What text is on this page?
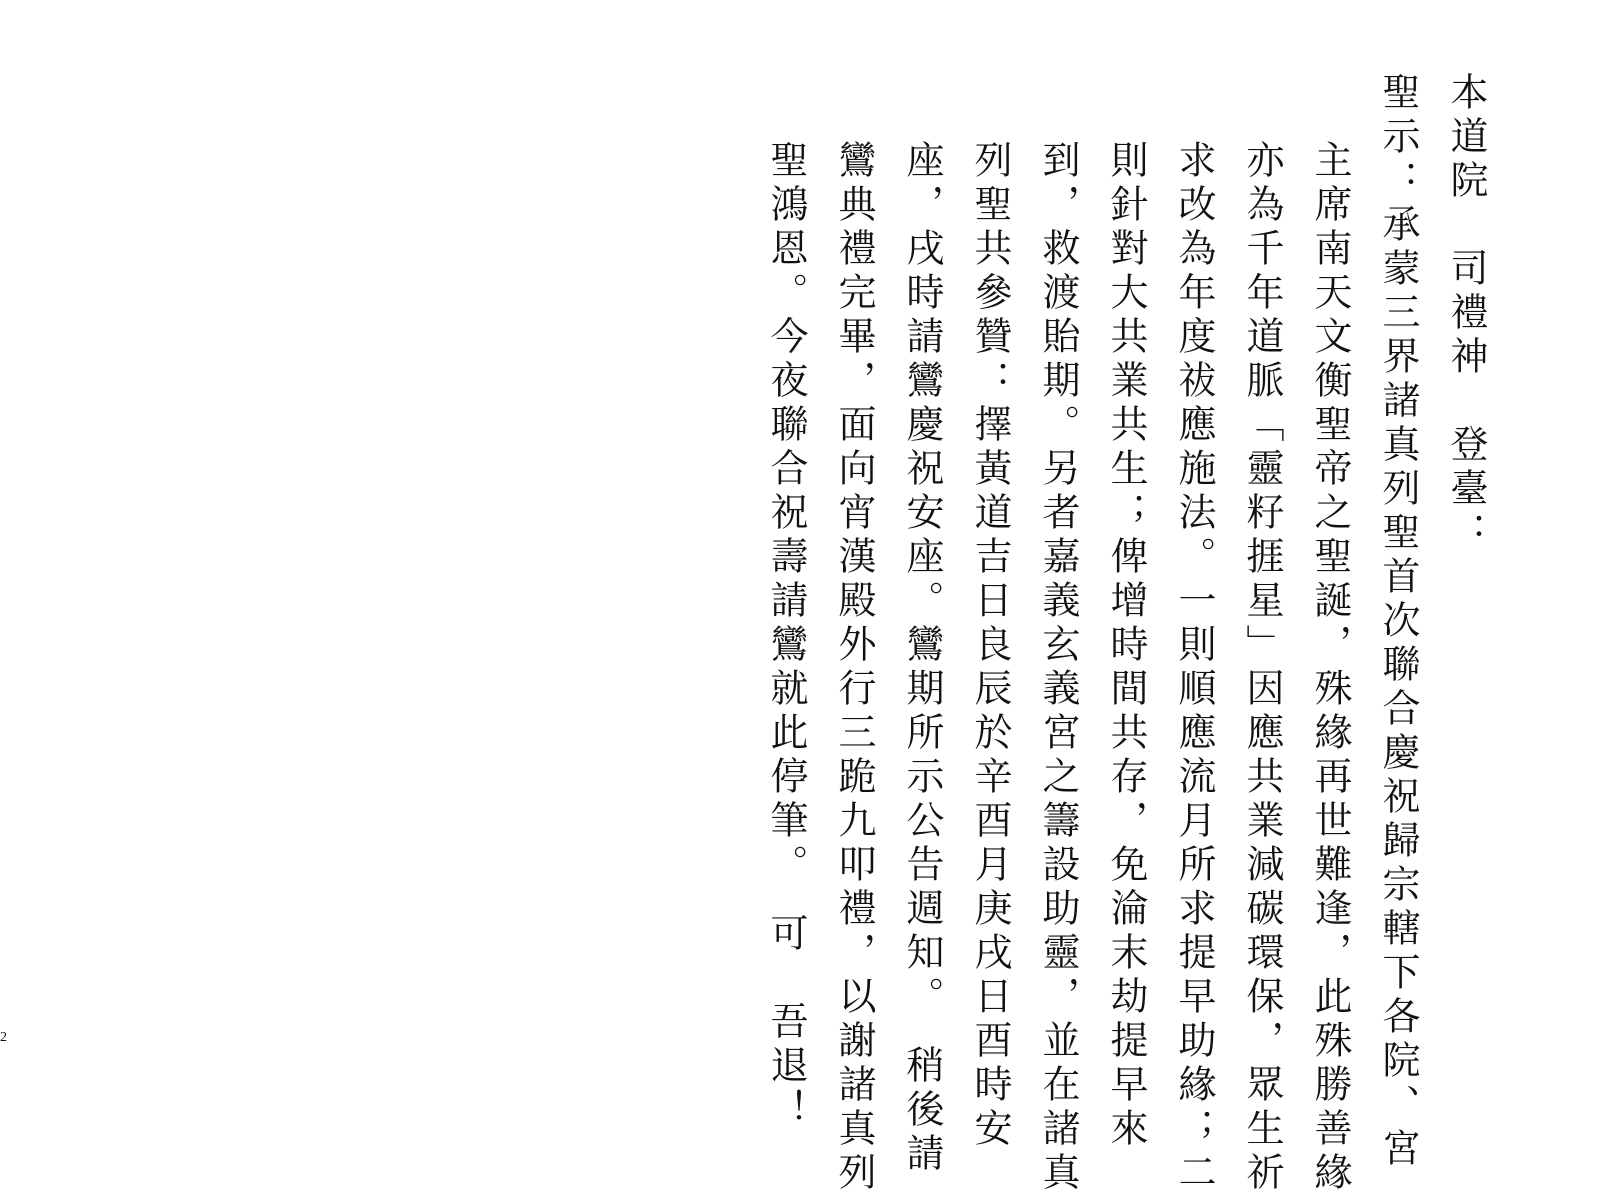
本道院　司禮神　登臺：
聖示：承蒙三界諸真列聖首次聯合慶祝歸宗轄下各院、宮
主席南天文衡聖帝之聖誕，殊緣再世難逢，此殊勝善緣
亦為千年道脈「靈籽捱星」因應共業減碳環保，眾生祈
求改為年度祓應施法。一則順應流月所求提早助緣；二
則針對大共業共生；俾增時間共存，免淪末劫提早來
到，救渡貽期。另者嘉義玄義宮之籌設助靈，並在諸真
列聖共參贊：擇黃道吉日良辰於辛酉月庚戌日酉時安
座，戌時請鸞慶祝安座。鸞期所示公告週知。　稍後請
鸞典禮完畢，面向宵漢殿外行三跪九叩禮，以謝諸真列
聖鴻恩。今夜聯合祝壽請鸞就此停筆。　可　吾退！
2
